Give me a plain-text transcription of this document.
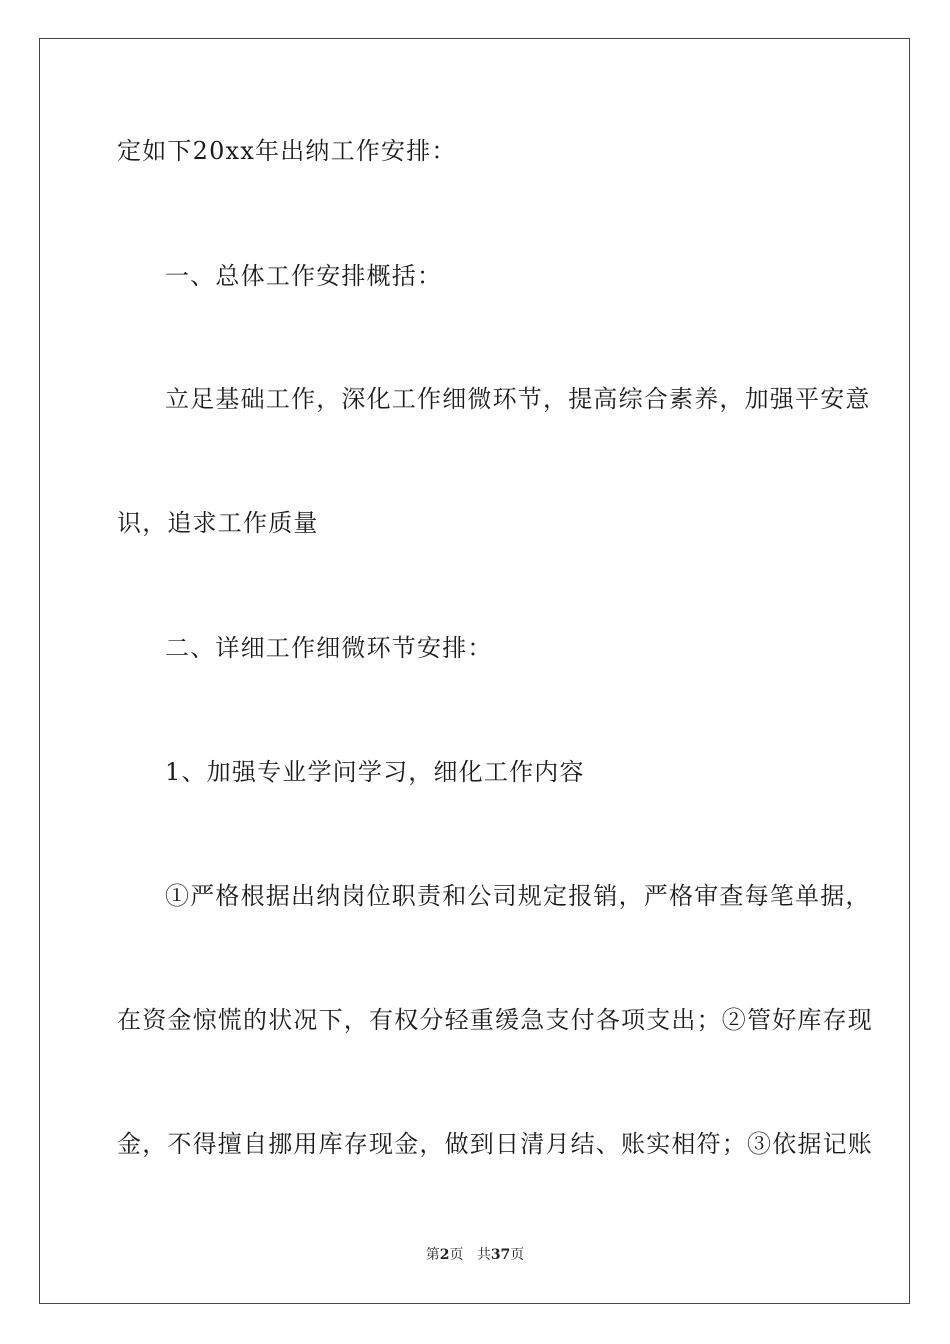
定如下20xx年出纳工作安排：
一、总体工作安排概括：
立足基础工作，深化工作细微环节，提高综合素养，加强平安意
识，追求工作质量
二、详细工作细微环节安排：
1、加强专业学问学习，细化工作内容
①严格根据出纳岗位职责和公司规定报销，严格审查每笔单据，
在资金惊慌的状况下，有权分轻重缓急支付各项支出；②管好库存现
金，不得擅自挪用库存现金，做到日清月结、账实相符；③依据记账
第2页 共37页
